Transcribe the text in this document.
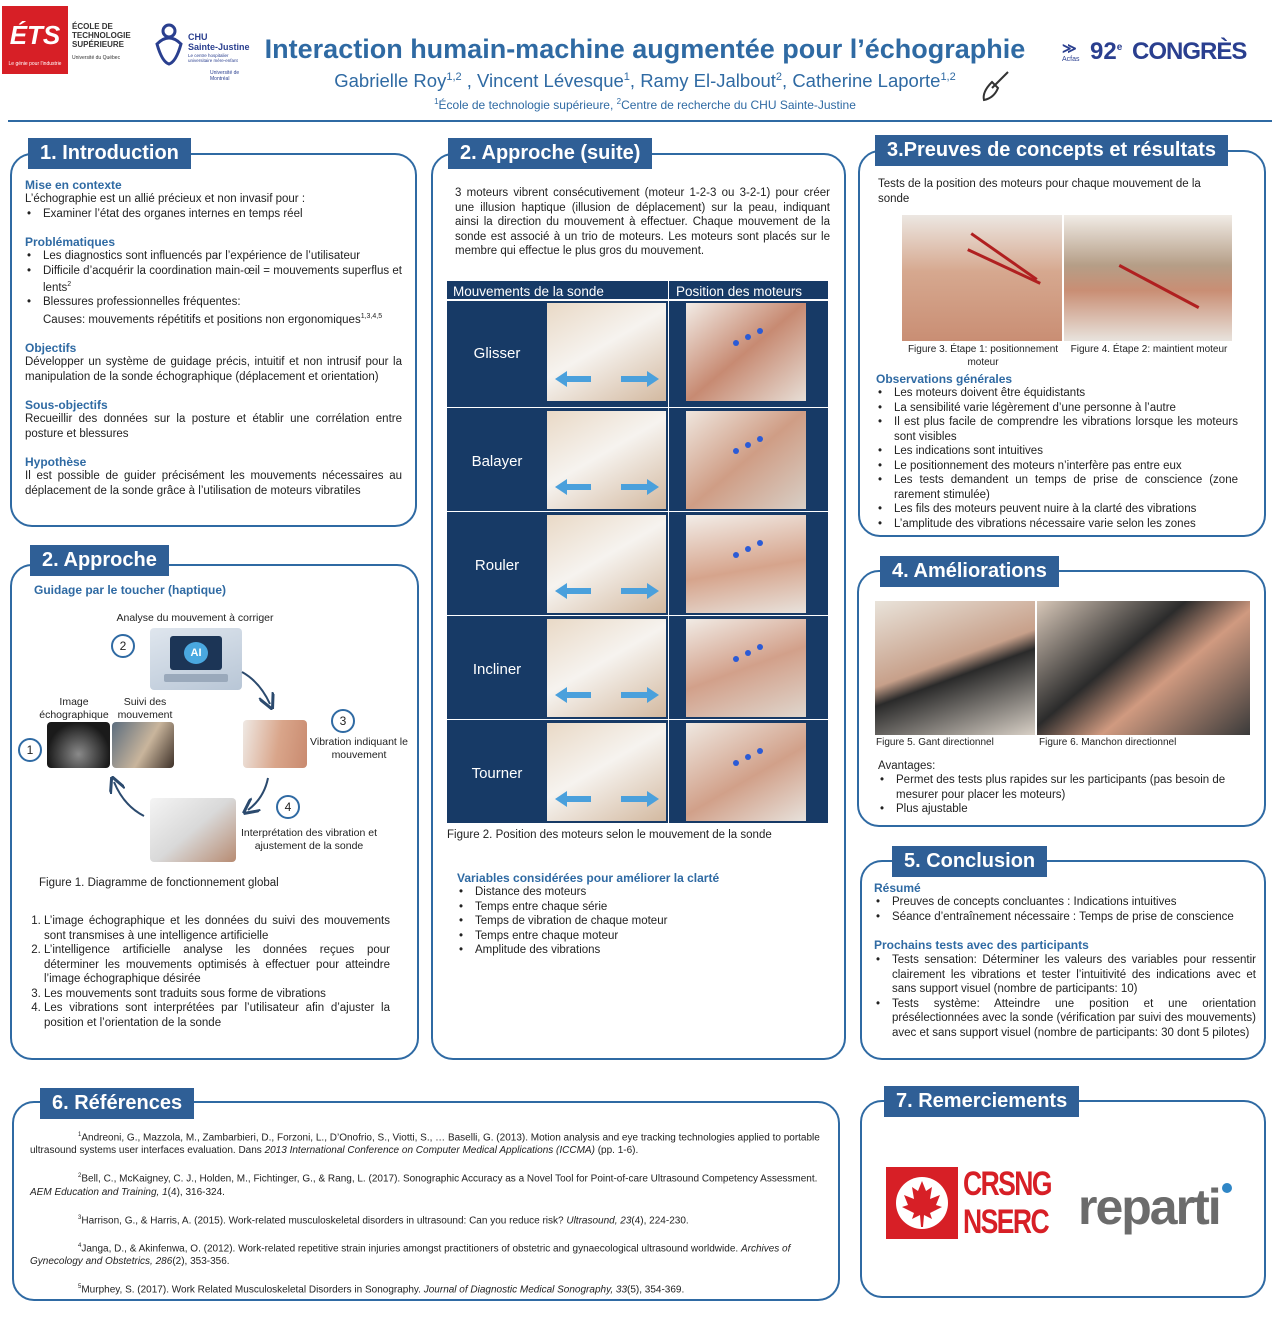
ÉTS
Le génie pour l'industrie
ÉCOLE DE
TECHNOLOGIE
SUPÉRIEURE
Université du Québec
CHU
Sainte-Justine
Le centre hospitalier universitaire mère-enfant
Université de Montréal
Interaction humain-machine augmentée pour l’échographie
Gabrielle Roy$^{1,2}$ , Vincent Lévesque$^1$, Ramy El-Jalbout$^2$, Catherine Laporte$^{1,2}$
$^1$École de technologie supérieure, $^2$Centre de recherche du CHU Sainte-Justine
≫
Acfas 92e CONGRÈS
1. Introduction
Mise en contexte
L’échographie est un allié précieux et non invasif pour :
• Examiner l’état des organes internes en temps réel
Problématiques
• Les diagnostics sont influencés par l’expérience de l’utilisateur
• Difficile d’acquérir la coordination main-œil = mouvements superflus et lents$^2$
• Blessures professionnelles fréquentes:
Causes: mouvements répétitifs et positions non ergonomiques$^{1,3,4,5}$
Objectifs
Développer un système de guidage précis, intuitif et non intrusif pour la manipulation de la sonde échographique (déplacement et orientation)
Sous-objectifs
Recueillir des données sur la posture et établir une corrélation entre posture et blessures
Hypothèse
Il est possible de guider précisément les mouvements nécessaires au déplacement de la sonde grâce à l’utilisation de moteurs vibratiles
2. Approche
Guidage par le toucher (haptique)
Analyse du mouvement à corriger
2	AI
Image échographique
Suivi des mouvement
1
3
Vibration indiquant le mouvement
4
Interprétation des vibration et ajustement de la sonde
Figure 1. Diagramme de fonctionnement global
1. L’image échographique et les données du suivi des mouvements sont transmises à une intelligence artificielle
2. L’intelligence artificielle analyse les données reçues pour déterminer les mouvements optimisés à effectuer pour atteindre l’image échographique désirée
3. Les mouvements sont traduits sous forme de vibrations
4. Les vibrations sont interprétées par l’utilisateur afin d’ajuster la position et l’orientation de la sonde
2. Approche (suite)
3 moteurs vibrent consécutivement (moteur 1-2-3 ou 3-2-1) pour créer une illusion haptique (illusion de déplacement) sur la peau, indiquant ainsi la direction du mouvement à effectuer. Chaque mouvement de la sonde est associé à un trio de moteurs. Les moteurs sont placés sur le membre qui effectue le plus gros du mouvement.
Mouvements de la sonde	Position des moteurs
Glisser
Balayer
Rouler
Incliner
Tourner
Figure 2. Position des moteurs selon le mouvement de la sonde
Variables considérées pour améliorer la clarté
• Distance des moteurs
• Temps entre chaque série
• Temps de vibration de chaque moteur
• Temps entre chaque moteur
• Amplitude des vibrations
3.Preuves de concepts et résultats
Tests de la position des moteurs pour chaque mouvement de la sonde
Figure 3. Étape 1: positionnement moteur
Figure 4. Étape 2: maintient moteur
Observations générales
• Les moteurs doivent être équidistants
• La sensibilité varie légèrement d’une personne à l’autre
• Il est plus facile de comprendre les vibrations lorsque les moteurs sont visibles
• Les indications sont intuitives
• Le positionnement des moteurs n’interfère pas entre eux
• Les tests demandent un temps de prise de conscience (zone rarement stimulée)
• Les fils des moteurs peuvent nuire à la clarté des vibrations
• L’amplitude des vibrations nécessaire varie selon les zones
4. Améliorations
Figure 5. Gant directionnel	Figure 6. Manchon directionnel
Avantages:
• Permet des tests plus rapides sur les participants (pas besoin de mesurer pour placer les moteurs)
• Plus ajustable
5. Conclusion
Résumé
• Preuves de concepts concluantes : Indications intuitives
• Séance d’entraînement nécessaire : Temps de prise de conscience
Prochains tests avec des participants
• Tests sensation: Déterminer les valeurs des variables pour ressentir clairement les vibrations et tester l’intuitivité des indications avec et sans support visuel (nombre de participants: 10)
• Tests système: Atteindre une position et une orientation présélectionnées avec la sonde (vérification par suivi des mouvements) avec et sans support visuel (nombre de participants: 30 dont 5 pilotes)
6. Références
$^1$Andreoni, G., Mazzola, M., Zambarbieri, D., Forzoni, L., D’Onofrio, S., Viotti, S., … Baselli, G. (2013). Motion analysis and eye tracking technologies applied to portable ultrasound systems user interfaces evaluation. Dans 2013 International Conference on Computer Medical Applications (ICCMA) (pp. 1-6).
$^2$Bell, C., McKaigney, C. J., Holden, M., Fichtinger, G., & Rang, L. (2017). Sonographic Accuracy as a Novel Tool for Point-of-care Ultrasound Competency Assessment. AEM Education and Training, 1(4), 316-324.
$^3$Harrison, G., & Harris, A. (2015). Work-related musculoskeletal disorders in ultrasound: Can you reduce risk? Ultrasound, 23(4), 224-230.
$^4$Janga, D., & Akinfenwa, O. (2012). Work-related repetitive strain injuries amongst practitioners of obstetric and gynaecological ultrasound worldwide. Archives of Gynecology and Obstetrics, 286(2), 353-356.
$^5$Murphey, S. (2017). Work Related Musculoskeletal Disorders in Sonography. Journal of Diagnostic Medical Sonography, 33(5), 354-369.
7. Remerciements
CRSNG
NSERC reparti
